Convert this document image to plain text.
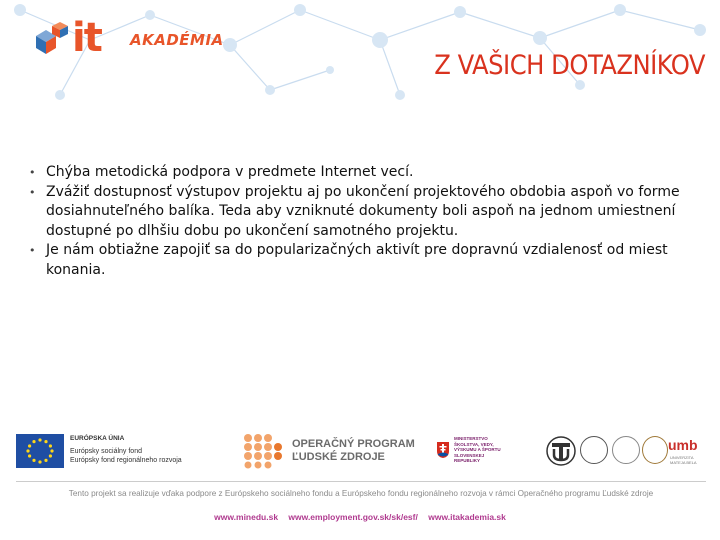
it AKADÉMIA
Z VAŠICH DOTAZNÍKOV
• Chýba metodická podpora v predmete Internet vecí.
• Zvážiť dostupnosť výstupov projektu aj po ukončení projektového obdobia aspoň vo forme dosiahnuteľného balíka. Teda aby vzniknuté dokumenty boli aspoň na jednom umiestnení dostupné po dlhšiu dobu po ukončení samotného projektu.
• Je nám obtiažne zapojiť sa do popularizačných aktivít pre dopravnú vzdialenosť od miest konania.
EURÓPSKA ÚNIA
Európsky sociálny fond
Európsky fond regionálneho rozvoja
OPERAČNÝ PROGRAM
ĽUDSKÉ ZDROJE
MINISTERSTVO ŠKOLSTVA, VEDY, VÝSKUMU A ŠPORTU SLOVENSKEJ REPUBLIKY
umb
UNIVERZITA MATEJA BELA
Tento projekt sa realizuje vďaka podpore z Európskeho sociálneho fondu a Európskeho fondu regionálneho rozvoja v rámci Operačného programu Ľudské zdroje
www.minedu.sk www.employment.gov.sk/sk/esf/ www.itakademia.sk
